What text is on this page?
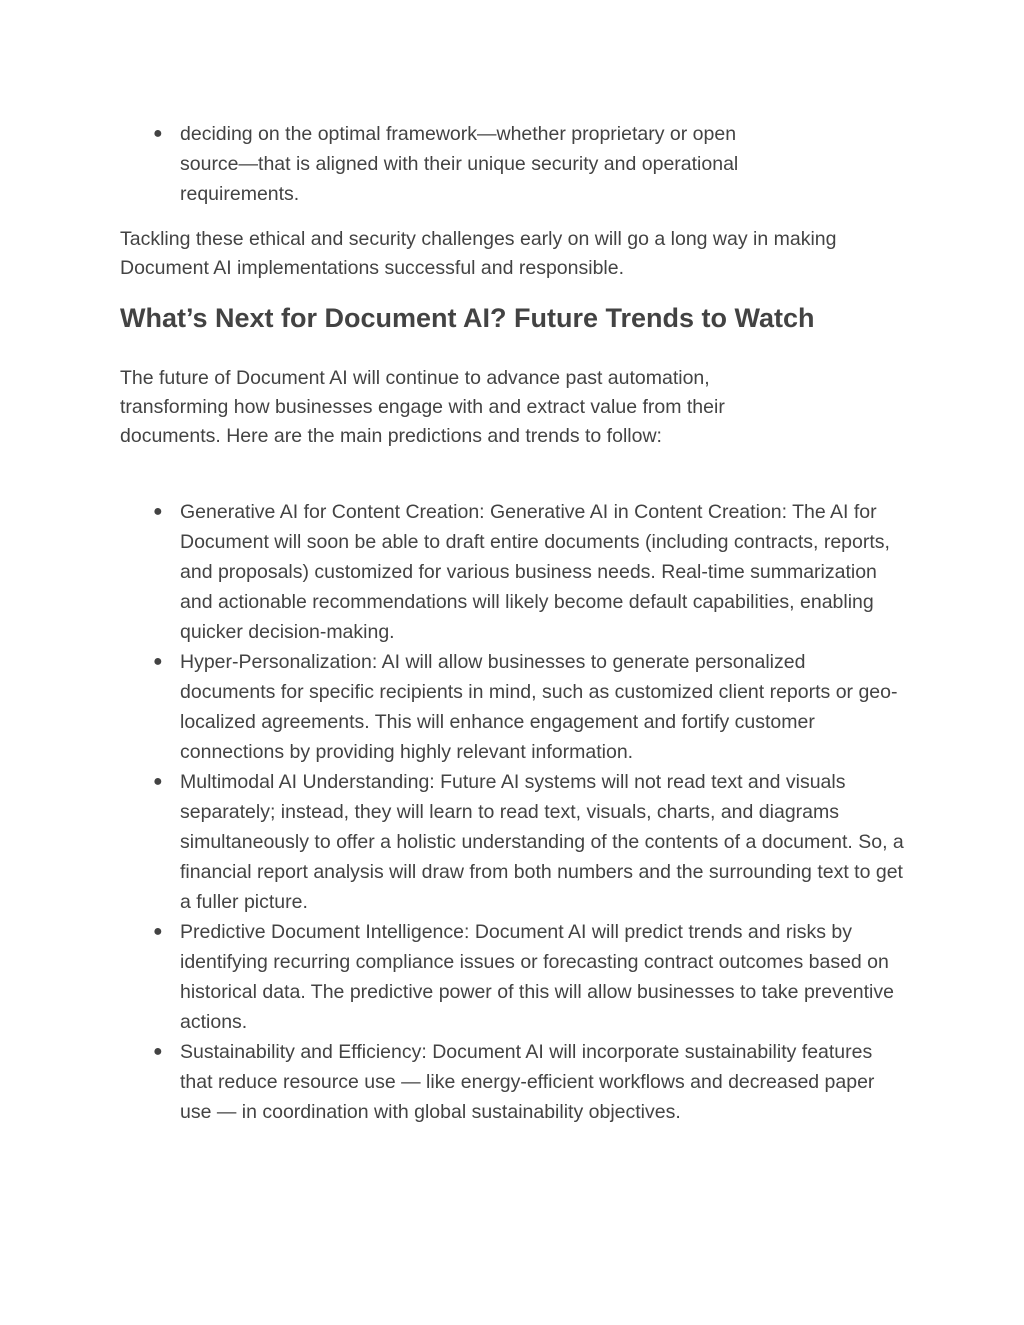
● deciding on the optimal framework—whether proprietary or open source—that is aligned with their unique security and operational requirements.

Tackling these ethical and security challenges early on will go a long way in making Document AI implementations successful and responsible.

What’s Next for Document AI? Future Trends to Watch

The future of Document AI will continue to advance past automation, transforming how businesses engage with and extract value from their documents. Here are the main predictions and trends to follow:

● Generative AI for Content Creation: Generative AI in Content Creation: The AI for Document will soon be able to draft entire documents (including contracts, reports, and proposals) customized for various business needs. Real-time summarization and actionable recommendations will likely become default capabilities, enabling quicker decision-making.
● Hyper-Personalization: AI will allow businesses to generate personalized documents for specific recipients in mind, such as customized client reports or geo-localized agreements. This will enhance engagement and fortify customer connections by providing highly relevant information.
● Multimodal AI Understanding: Future AI systems will not read text and visuals separately; instead, they will learn to read text, visuals, charts, and diagrams simultaneously to offer a holistic understanding of the contents of a document. So, a financial report analysis will draw from both numbers and the surrounding text to get a fuller picture.
● Predictive Document Intelligence: Document AI will predict trends and risks by identifying recurring compliance issues or forecasting contract outcomes based on historical data. The predictive power of this will allow businesses to take preventive actions.
● Sustainability and Efficiency: Document AI will incorporate sustainability features that reduce resource use — like energy-efficient workflows and decreased paper use — in coordination with global sustainability objectives.
